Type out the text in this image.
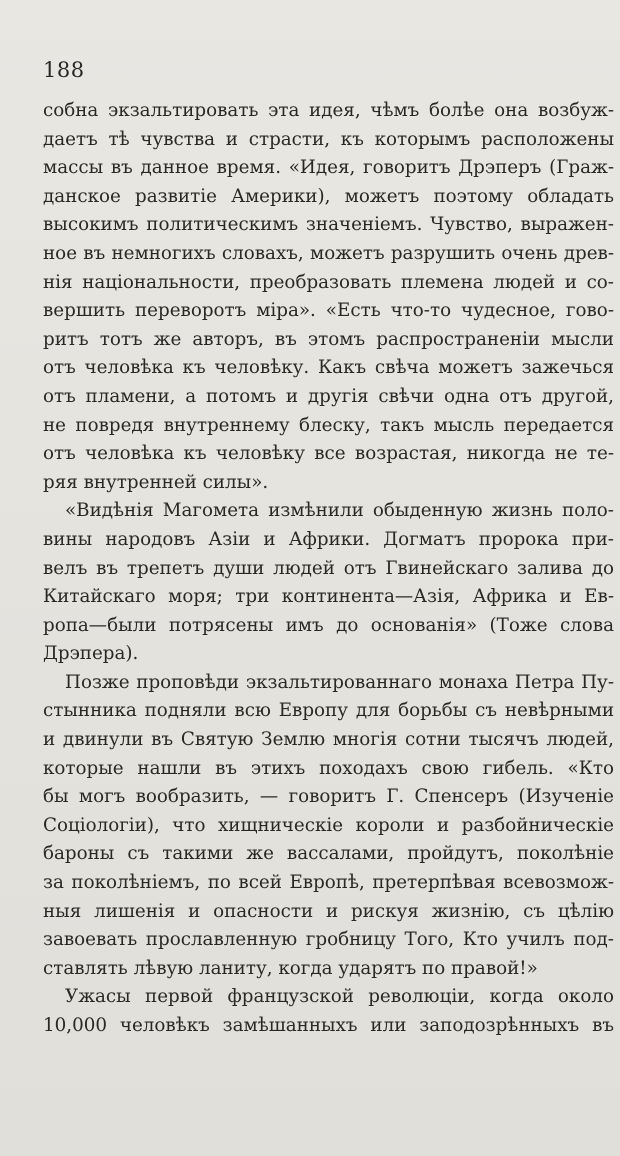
188
собна экзальтировать эта идея, чѣмъ болѣе она возбуж-
даетъ тѣ чувства и страсти, къ которымъ расположены
массы въ данное время. «Идея, говоритъ Дрэперъ (Граж-
данское развитіе Америки), можетъ поэтому обладать
высокимъ политическимъ значеніемъ. Чувство, выражен-
ное въ немногихъ словахъ, можетъ разрушить очень древ-
нія національности, преобразовать племена людей и со-
вершить переворотъ міра». «Есть что-то чудесное, гово-
ритъ тотъ же авторъ, въ этомъ распространеніи мысли
отъ человѣка къ человѣку. Какъ свѣча можетъ зажечься
отъ пламени, а потомъ и другія свѣчи одна отъ другой,
не повредя внутреннему блеску, такъ мысль передается
отъ человѣка къ человѣку все возрастая, никогда не те-
ряя внутренней силы».
«Видѣнія Магомета измѣнили обыденную жизнь поло-
вины народовъ Азіи и Африки. Догматъ пророка при-
велъ въ трепетъ души людей отъ Гвинейскаго залива до
Китайскаго моря; три континента—Азія, Африка и Ев-
ропа—были потрясены имъ до основанія» (Тоже слова
Дрэпера).
Позже проповѣди экзальтированнаго монаха Петра Пу-
стынника подняли всю Европу для борьбы съ невѣрными
и двинули въ Святую Землю многія сотни тысячъ людей,
которые нашли въ этихъ походахъ свою гибель. «Кто
бы могъ вообразить, — говоритъ Г. Спенсеръ (Изученіе
Соціологіи), что хищническіе короли и разбойническіе
бароны съ такими же вассалами, пройдутъ, поколѣніе
за поколѣніемъ, по всей Европѣ, претерпѣвая всевозмож-
ныя лишенія и опасности и рискуя жизнію, съ цѣлію
завоевать прославленную гробницу Того, Кто училъ под-
ставлять лѣвую ланиту, когда ударятъ по правой!»
Ужасы первой французской революціи, когда около
10,000 человѣкъ замѣшанныхъ или заподозрѣнныхъ въ
